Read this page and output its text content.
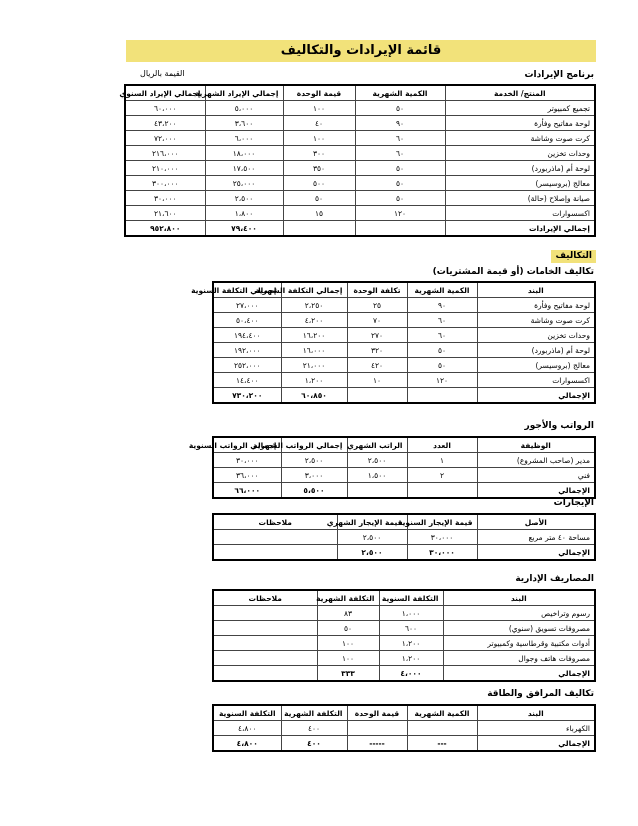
قائمة الإيرادات والتكاليف
برنامج الإيرادات
القيمة بالريال
المنتج/ الخدمة	الكمية الشهرية	قيمة الوحدة	إجمالي الإيراد الشهرية	إجمالي الإيراد السنوي
تجميع كمبيوتر	٥٠	١٠٠	٥،٠٠٠	٦٠،٠٠٠
لوحة مفاتيح وفأرة	٩٠	٤٠	٣،٦٠٠	٤٣،٢٠٠
كرت صوت وشاشة	٦٠	١٠٠	٦،٠٠٠	٧٢،٠٠٠
وحدات تخزين	٦٠	٣٠٠	١٨،٠٠٠	٢١٦،٠٠٠
لوحة أم (ماذربورد)	٥٠	٣٥٠	١٧،٥٠٠	٢١٠،٠٠٠
معالج (بروسيسر)	٥٠	٥٠٠	٢٥،٠٠٠	٣٠٠،٠٠٠
صيانة وإصلاح (حالة)	٥٠	٥٠	٢،٥٠٠	٣٠،٠٠٠
اكسسوارات	١٢٠	١٥	١،٨٠٠	٢١،٦٠٠
إجمالي الإيرادات			٧٩،٤٠٠	٩٥٢،٨٠٠
التكاليف
تكاليف الخامات (أو قيمة المشتريات)
البند	الكمية الشهرية	تكلفة الوحدة	إجمالي التكلفة الشهرية	إجمالي التكلفة السنوية
لوحة مفاتيح وفأرة	٩٠	٢٥	٢،٢٥٠	٢٧،٠٠٠
كرت صوت وشاشة	٦٠	٧٠	٤،٢٠٠	٥٠،٤٠٠
وحدات تخزين	٦٠	٢٧٠	١٦،٢٠٠	١٩٤،٤٠٠
لوحة أم (ماذربورد)	٥٠	٣٢٠	١٦،٠٠٠	١٩٢،٠٠٠
معالج (بروسيسر)	٥٠	٤٢٠	٢١،٠٠٠	٢٥٢،٠٠٠
اكسسوارات	١٢٠	١٠	١،٢٠٠	١٤،٤٠٠
الإجمالي			٦٠،٨٥٠	٧٣٠،٢٠٠
الرواتب والأجور
الوظيفة	العدد	الراتب الشهري	إجمالي الرواتب الشهرية	إجمالي الرواتب السنوية
مدير (صاحب المشروع)	١	٢،٥٠٠	٢،٥٠٠	٣٠،٠٠٠
فني	٢	١،٥٠٠	٣،٠٠٠	٣٦،٠٠٠
الإجمالي			٥،٥٠٠	٦٦،٠٠٠
الإيجارات
الأصل	قيمة الإيجار السنوية	قيمة الإيجار الشهري	ملاحظات
مساحة ٤٠ متر مربع	٣٠،٠٠٠	٢،٥٠٠	
الإجمالي	٣٠،٠٠٠	٢،٥٠٠	
المصاريف الإدارية
البند	التكلفة السنوية	التكلفة الشهرية	ملاحظات
رسوم وتراخيص	١،٠٠٠	٨٣	
مصروفات تسويق (سنوي)	٦٠٠	٥٠	
أدوات مكتبية وقرطاسية وكمبيوتر	١،٢٠٠	١٠٠	
مصروفات هاتف وجوال	١،٢٠٠	١٠٠	
الإجمالي	٤،٠٠٠	٣٣٣	
تكاليف المرافق والطاقة
البند	الكمية الشهرية	قيمة الوحدة	التكلفة الشهرية	التكلفة السنوية
الكهرباء			٤٠٠	٤،٨٠٠
الإجمالي	---	-----	٤٠٠	٤،٨٠٠
